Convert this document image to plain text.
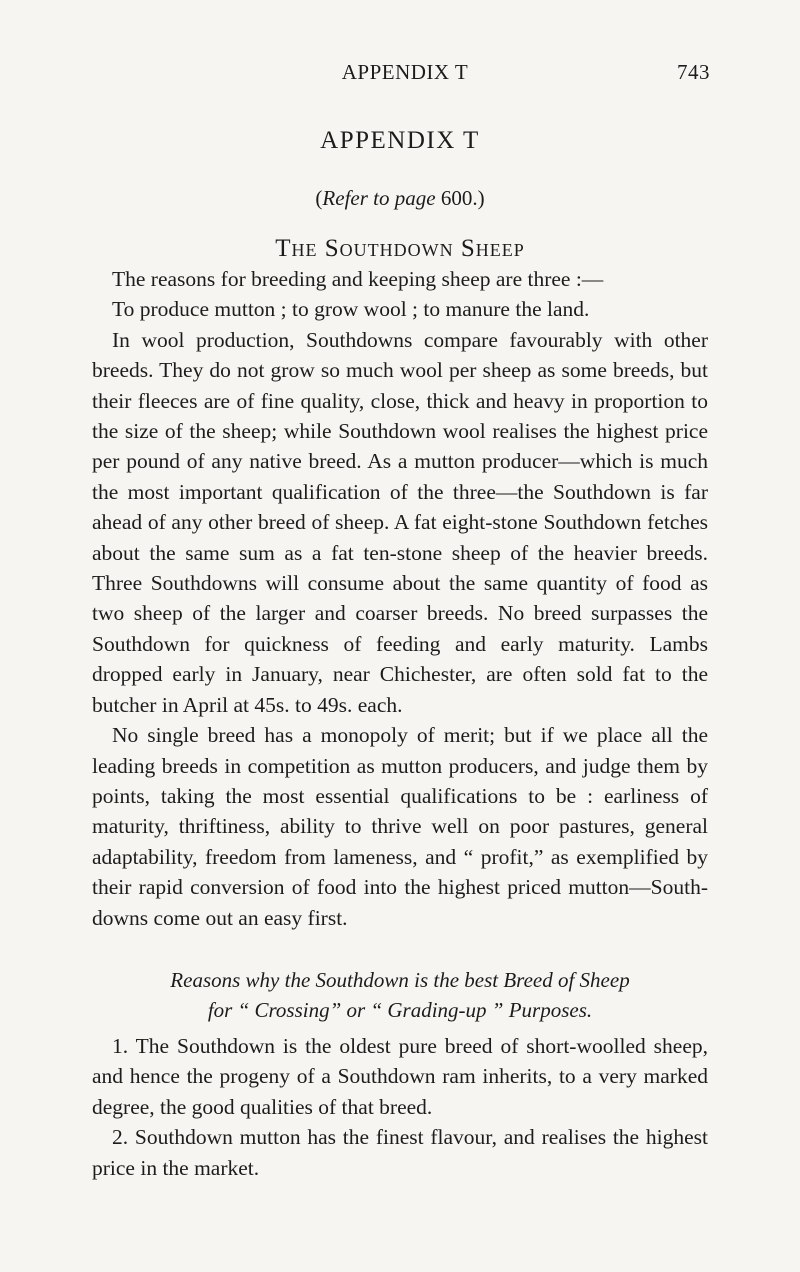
APPENDIX T	743
APPENDIX T
(Refer to page 600.)
The Southdown Sheep

The reasons for breeding and keeping sheep are three :—

To produce mutton ; to grow wool ; to manure the land.

In wool production, Southdowns compare favourably with other breeds. They do not grow so much wool per sheep as some breeds, but their fleeces are of fine quality, close, thick and heavy in proportion to the size of the sheep; while Southdown wool realises the highest price per pound of any native breed. As a mutton producer—which is much the most important qualification of the three—the Southdown is far ahead of any other breed of sheep. A fat eight-stone Southdown fetches about the same sum as a fat ten-stone sheep of the heavier breeds. Three Southdowns will consume about the same quantity of food as two sheep of the larger and coarser breeds. No breed surpasses the Southdown for quickness of feeding and early maturity. Lambs dropped early in January, near Chichester, are often sold fat to the butcher in April at 45s. to 49s. each.

No single breed has a monopoly of merit; but if we place all the leading breeds in competition as mutton producers, and judge them by points, taking the most essential qualifications to be : earliness of maturity, thriftiness, ability to thrive well on poor pastures, general adaptability, freedom from lameness, and “ profit,” as exemplified by their rapid conversion of food into the highest priced mutton—South-downs come out an easy first.

Reasons why the Southdown is the best Breed of Sheep
for “ Crossing” or “ Grading-up ” Purposes.

1. The Southdown is the oldest pure breed of short-woolled sheep, and hence the progeny of a Southdown ram inherits, to a very marked degree, the good qualities of that breed.

2. Southdown mutton has the finest flavour, and realises the highest price in the market.
